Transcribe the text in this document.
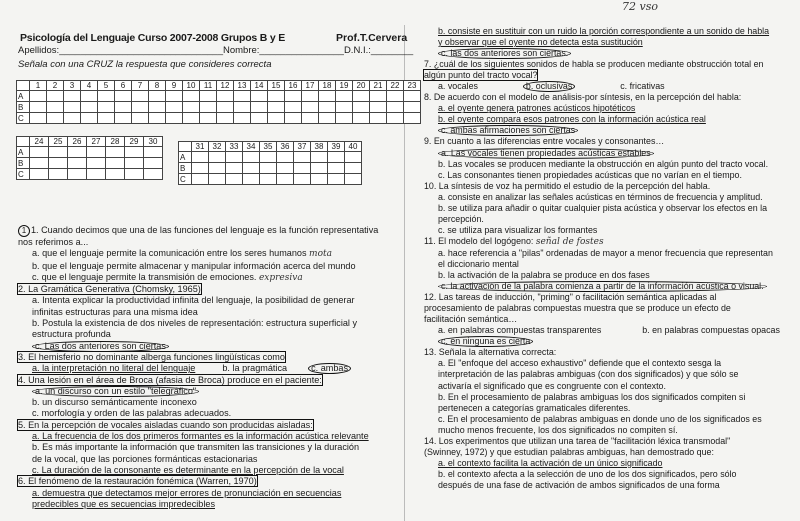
72 vso
Psicología del Lenguaje Curso 2007-2008 Grupos B y E	Prof.T.Cervera
Apellidos:_______________________________Nombre:________________D.N.I.:________
Señala con una CRUZ la respuesta que consideres correcta
	1	2	3	4	5	6	7	8	9	10	11	12	13	14	15	16	17	18	19	20	21	22	23
A																							
B																							
C																							
	24	25	26	27	28	29	30
A							
B							
C							
	31	32	33	34	35	36	37	38	39	40
A										
B										
C										

1 1. Cuando decimos que una de las funciones del lenguaje es la función representativa

nos referimos a...

a. que el lenguaje permite la comunicación entre los seres humanos mota

b. que el lenguaje permite almacenar y manipular información acerca del mundo

c. que el lenguaje permite la transmisión de emociones. expresiva

2. La Gramática Generativa (Chomsky, 1965)

a. Intenta explicar la productividad infinita del lenguaje, la posibilidad de generar

infinitas estructuras para una misma idea

b. Postula la existencia de dos niveles de representación: estructura superficial y

estructura profunda

c. Las dos anteriores son ciertas

3. El hemisferio no dominante alberga funciones lingüísticas como

a. la interpretación no literal del lenguaje	b. la pragmática	c. ambas

4. Una lesión en el área de Broca (afasia de Broca) produce en el paciente:

a. un discurso con un estilo "telegráfico"

b. un discurso semánticamente inconexo

c. morfología y orden de las palabras adecuados.

5. En la percepción de vocales aisladas cuando son producidas aisladas:

a. La frecuencia de los dos primeros formantes es la información acústica relevante

b. Es más importante la información que transmiten las transiciones y la duración

de la vocal, que las porciones formánticas estacionarias

c. La duración de la consonante es determinante en la percepción de la vocal

6. El fenómeno de la restauración fonémica (Warren, 1970)

a. demuestra que detectamos mejor errores de pronunciación en secuencias

predecibles que es secuencias impredecibles

b. consiste en sustituir con un ruido la porción correspondiente a un sonido de habla

y observar que el oyente no detecta esta sustitución

c. las dos anteriores son ciertas.

7. ¿cuál de los siguientes sonidos de habla se producen mediante obstrucción total en

algún punto del tracto vocal?

a. vocales	b. oclusivas	c. fricativas

8. De acuerdo con el modelo de análisis-por síntesis, en la percepción del habla:

a. el oyente genera patrones acústicos hipotéticos

b. el oyente compara esos patrones con la información acústica real

c. ambas afirmaciones son ciertas

9. En cuanto a las diferencias entre vocales y consonantes…

a. Las vocales tienen propiedades acústicas estables

b. Las vocales se producen mediante la obstrucción en algún punto del tracto vocal.

c. Las consonantes tienen propiedades acústicas que no varían en el tiempo.

10. La síntesis de voz ha permitido el estudio de la percepción del habla.

a. consiste en analizar las señales acústicas en términos de frecuencia y amplitud.

b. se utiliza para añadir o quitar cualquier pista acústica y observar los efectos en la

percepción.

c. se utiliza para visualizar los formantes

11. El modelo del logógeno: señal de fostes

a. hace referencia a "pilas" ordenadas de mayor a menor frecuencia que representan

el diccionario mental

b. la activación de la palabra se produce en dos fases

c. la activación de la palabra comienza a partir de la información acústica o visual.

12. Las tareas de inducción, "priming" o facilitación semántica aplicadas al

procesamiento de palabras compuestas muestra que se produce un efecto de

facilitación semántica…

a. en palabras compuestas transparentes	b. en palabras compuestas opacas

c. en ninguna es cierta

13. Señala la alternativa correcta:

a. El "enfoque del acceso exhaustivo" defiende que el contexto sesga la

interpretación de las palabras ambiguas (con dos significados) y que sólo se

activaría el significado que es congruente con el contexto.

b. En el procesamiento de palabras ambiguas los dos significados compiten si

pertenecen a categorías gramaticales diferentes.

c. En el procesamiento de palabras ambiguas en donde uno de los significados es

mucho menos frecuente, los dos significados no compiten sí.

14. Los experimentos que utilizan una tarea de "facilitación léxica transmodal"

(Swinney, 1972) y que estudian palabras ambiguas, han demostrado que:

a. el contexto facilita la activación de un único significado

b. el contexto afecta a la selección de uno de los dos significados, pero sólo

después de una fase de activación de ambos significados de una forma
